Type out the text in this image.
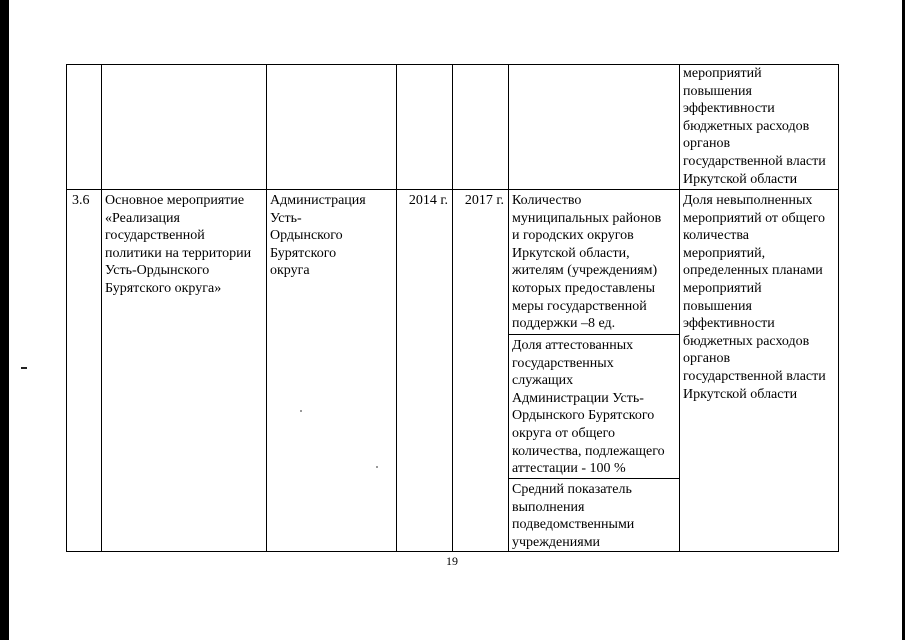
мероприятий
повышения
эффективности
бюджетных расходов
органов
государственной власти
Иркутской области
3.6 Основное мероприятие
«Реализация
государственной
политики на территории
Усть-Ордынского
Бурятского округа»
Администрация
Усть-
Ордынского
Бурятского
округа
2014 г.	2017 г. Количество
муниципальных районов
и городских округов
Иркутской области,
жителям (учреждениям)
которых предоставлены
меры государственной
поддержки –8 ед.
Доля аттестованных
государственных
служащих
Администрации Усть-
Ордынского Бурятского
округа от общего
количества, подлежащего
аттестации - 100 %
Средний показатель
выполнения
подведомственными
учреждениями
Доля невыполненных
мероприятий от общего
количества
мероприятий,
определенных планами
мероприятий
повышения
эффективности
бюджетных расходов
органов
государственной власти
Иркутской области
19
